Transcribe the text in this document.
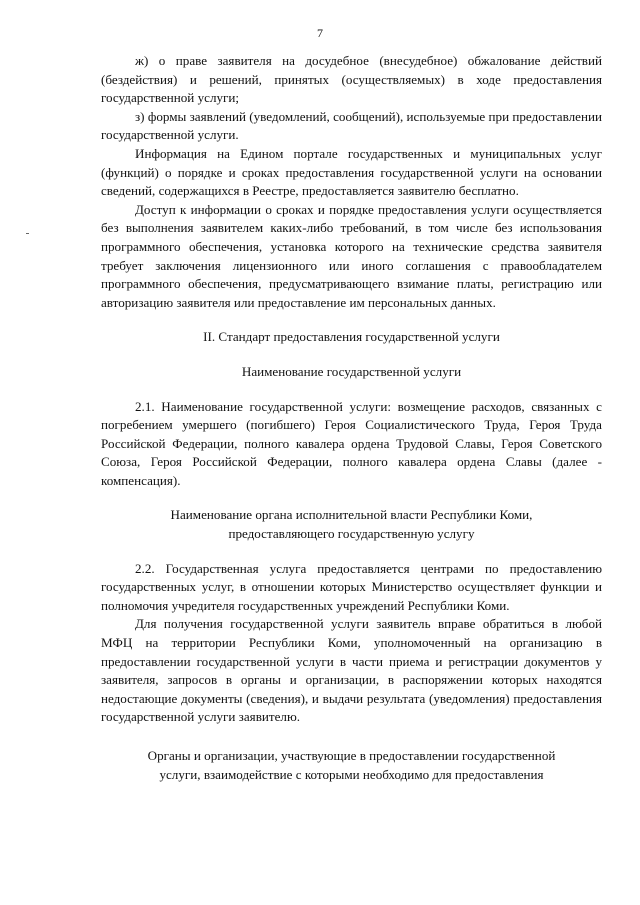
7

ж) о праве заявителя на досудебное (внесудебное) обжалование действий (бездействия) и решений, принятых (осуществляемых) в ходе предоставления государственной услуги;

з) формы заявлений (уведомлений, сообщений), используемые при предоставлении государственной услуги.

Информация на Едином портале государственных и муниципальных услуг (функций) о порядке и сроках предоставления государственной услуги на основании сведений, содержащихся в Реестре, предоставляется заявителю бесплатно.

Доступ к информации о сроках и порядке предоставления услуги осуществляется без выполнения заявителем каких-либо требований, в том числе без использования программного обеспечения, установка которого на технические средства заявителя требует заключения лицензионного или иного соглашения с правообладателем программного обеспечения, предусматривающего взимание платы, регистрацию или авторизацию заявителя или предоставление им персональных данных.

II. Стандарт предоставления государственной услуги

Наименование государственной услуги

2.1. Наименование государственной услуги: возмещение расходов, связанных с погребением умершего (погибшего) Героя Социалистического Труда, Героя Труда Российской Федерации, полного кавалера ордена Трудовой Славы, Героя Советского Союза, Героя Российской Федерации, полного кавалера ордена Славы (далее - компенсация).

Наименование органа исполнительной власти Республики Коми,

предоставляющего государственную услугу

2.2. Государственная услуга предоставляется центрами по предоставлению государственных услуг, в отношении которых Министерство осуществляет функции и полномочия учредителя государственных учреждений Республики Коми.

Для получения государственной услуги заявитель вправе обратиться в любой МФЦ на территории Республики Коми, уполномоченный на организацию в предоставлении государственной услуги в части приема и регистрации документов у заявителя, запросов в органы и организации, в распоряжении которых находятся недостающие документы (сведения), и выдачи результата (уведомления) предоставления государственной услуги заявителю.

Органы и организации, участвующие в предоставлении государственной

услуги, взаимодействие с которыми необходимо для предоставления
